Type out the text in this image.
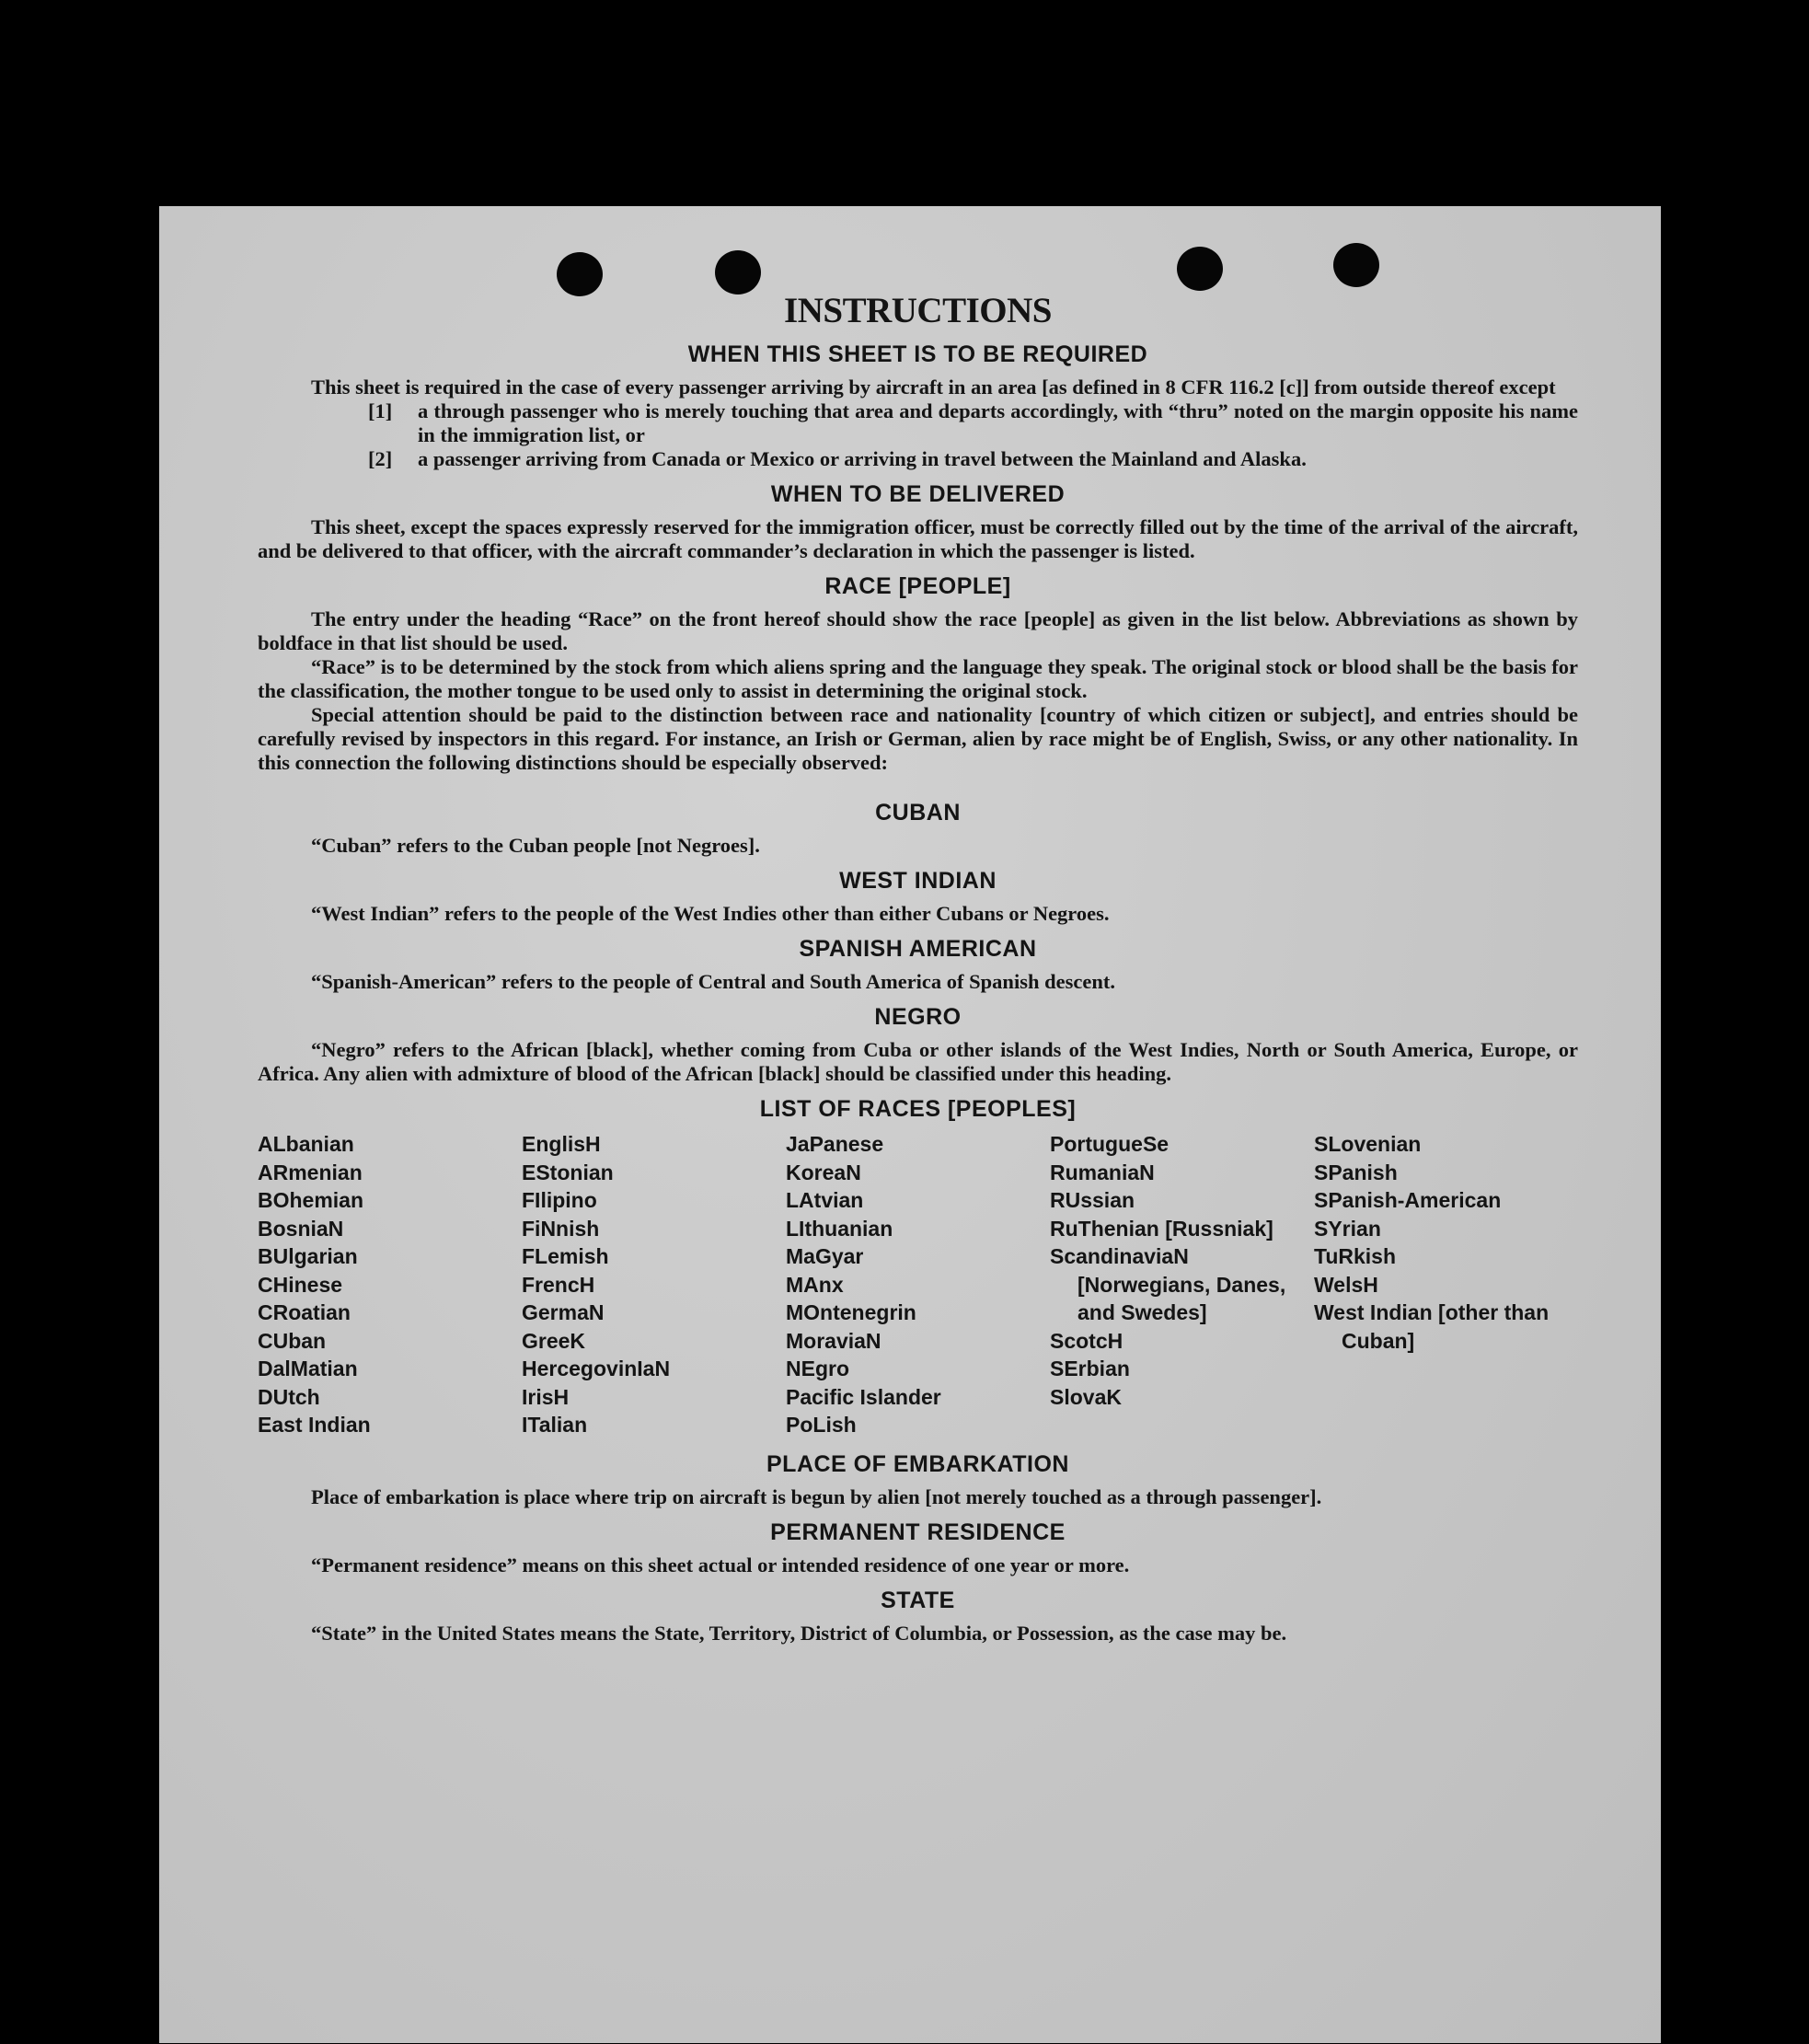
INSTRUCTIONS
WHEN THIS SHEET IS TO BE REQUIRED

This sheet is required in the case of every passenger arriving by aircraft in an area [as defined in 8 CFR 116.2 [c]] from outside thereof except

[1]	a through passenger who is merely touching that area and departs accordingly, with “thru” noted on the margin opposite his name in the immigration list, or
[2]	a passenger arriving from Canada or Mexico or arriving in travel between the Mainland and Alaska.
WHEN TO BE DELIVERED

This sheet, except the spaces expressly reserved for the immigration officer, must be correctly filled out by the time of the arrival of the aircraft, and be delivered to that officer, with the aircraft commander’s declaration in which the passenger is listed.

RACE [PEOPLE]

The entry under the heading “Race” on the front hereof should show the race [people] as given in the list below. Abbreviations as shown by boldface in that list should be used.

“Race” is to be determined by the stock from which aliens spring and the language they speak. The original stock or blood shall be the basis for the classification, the mother tongue to be used only to assist in determining the original stock.

Special attention should be paid to the distinction between race and nationality [country of which citizen or subject], and entries should be carefully revised by inspectors in this regard. For instance, an Irish or German, alien by race might be of English, Swiss, or any other nationality. In this connection the following distinctions should be especially observed:

CUBAN

“Cuban” refers to the Cuban people [not Negroes].

WEST INDIAN

“West Indian” refers to the people of the West Indies other than either Cubans or Negroes.

SPANISH AMERICAN

“Spanish-American” refers to the people of Central and South America of Spanish descent.

NEGRO

“Negro” refers to the African [black], whether coming from Cuba or other islands of the West Indies, North or South America, Europe, or Africa. Any alien with admixture of blood of the African [black] should be classified under this heading.

LIST OF RACES [PEOPLES]
ALbanian
ARmenian
BOhemian
BosniaN
BUlgarian
CHinese
CRoatian
CUban
DalMatian
DUtch
East Indian
EnglisH
EStonian
FIlipino
FiNnish
FLemish
FrencH
GermaN
GreeK
HercegovinIaN
IrisH
ITalian
JaPanese
KoreaN
LAtvian
LIthuanian
MaGyar
MAnx
MOntenegrin
MoraviaN
NEgro
Pacific Islander
PoLish
PortugueSe
RumaniaN
RUssian
RuThenian [Russniak]
ScandinaviaN [Norwegians, Danes, and Swedes]
ScotcH
SErbian
SlovaK
SLovenian
SPanish
SPanish-American
SYrian
TuRkish
WelsH
West Indian [other than Cuban]
PLACE OF EMBARKATION

Place of embarkation is place where trip on aircraft is begun by alien [not merely touched as a through passenger].

PERMANENT RESIDENCE

“Permanent residence” means on this sheet actual or intended residence of one year or more.

STATE

“State” in the United States means the State, Territory, District of Columbia, or Possession, as the case may be.
